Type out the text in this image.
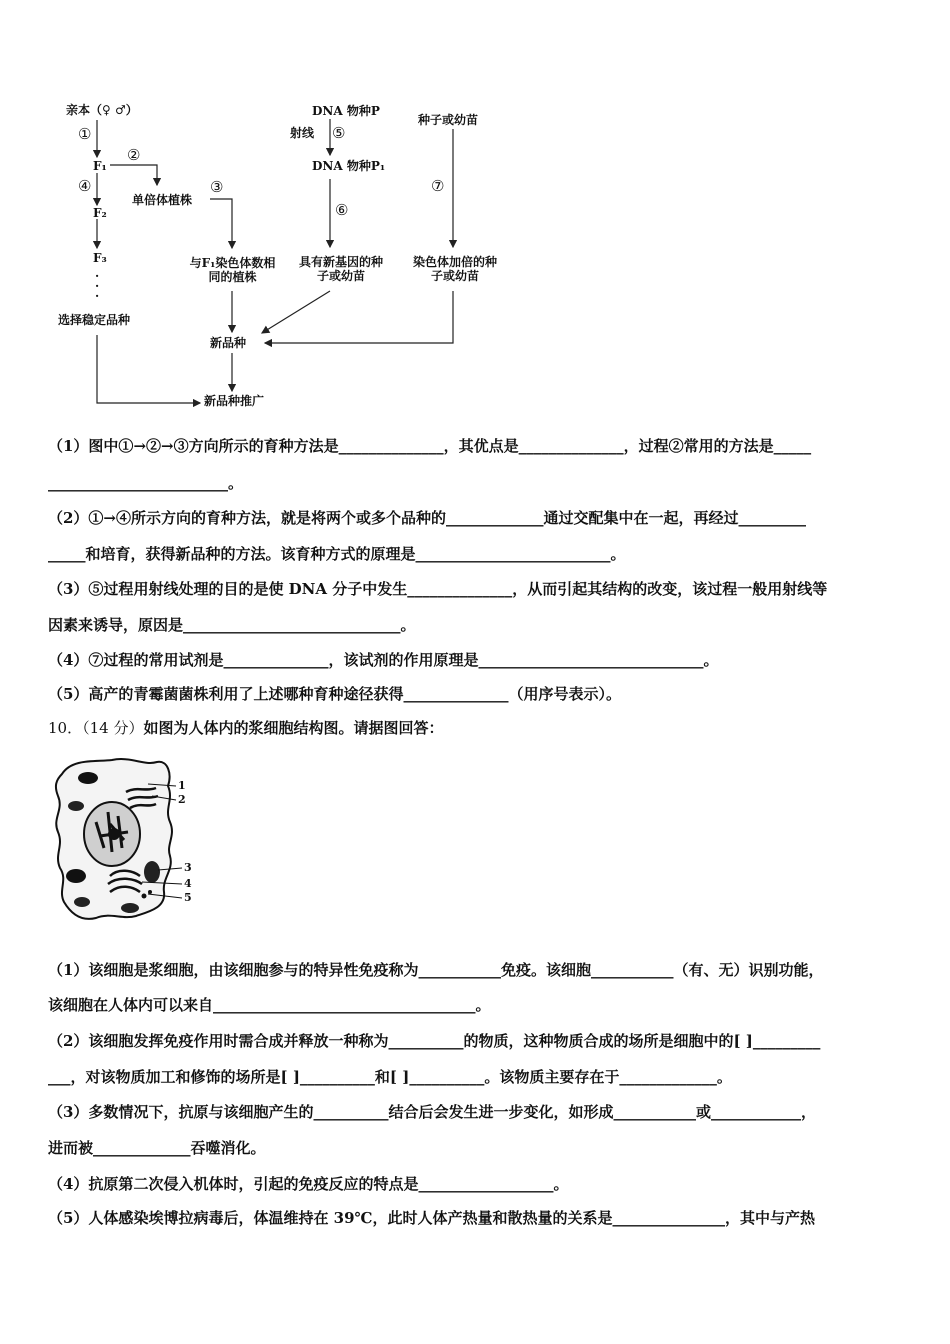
亲本（♀ ♂）
①
F₁
②
④
F₂
F₃
·
·
·
选择稳定品种
单倍体植株
③
与F₁染色体数相同的植株
新品种
新品种推广
DNA 物种P
射线 ⑤
DNA 物种P₁
⑥
具有新基因的种子或幼苗
种子或幼苗
⑦
染色体加倍的种子或幼苗
（1）图中①→②→③方向所示的育种方法是______________，其优点是______________，过程②常用的方法是_____
________________________。
（2）①→④所示方向的育种方法，就是将两个或多个品种的_____________通过交配集中在一起，再经过_________
_____和培育，获得新品种的方法。该育种方式的原理是__________________________。
（3）⑤过程用射线处理的目的是使 DNA 分子中发生______________，从而引起其结构的改变，该过程一般用射线等
因素来诱导，原因是_____________________________。
（4）⑦过程的常用试剂是______________，该试剂的作用原理是______________________________。
（5）高产的青霉菌菌株利用了上述哪种育种途径获得______________（用序号表示）。
10．（14 分）如图为人体内的浆细胞结构图。请据图回答：
1
2
3
4
5
（1）该细胞是浆细胞，由该细胞参与的特异性免疫称为___________免疫。该细胞___________（有、无）识别功能，
该细胞在人体内可以来自___________________________________。
（2）该细胞发挥免疫作用时需合成并释放一种称为__________的物质，这种物质合成的场所是细胞中的[ ]_________
___，对该物质加工和修饰的场所是[ ]__________和[ ]__________。该物质主要存在于_____________。
（3）多数情况下，抗原与该细胞产生的__________结合后会发生进一步变化，如形成___________或____________，
进而被_____________吞噬消化。
（4）抗原第二次侵入机体时，引起的免疫反应的特点是__________________。
（5）人体感染埃博拉病毒后，体温维持在 39℃，此时人体产热量和散热量的关系是_______________，其中与产热
